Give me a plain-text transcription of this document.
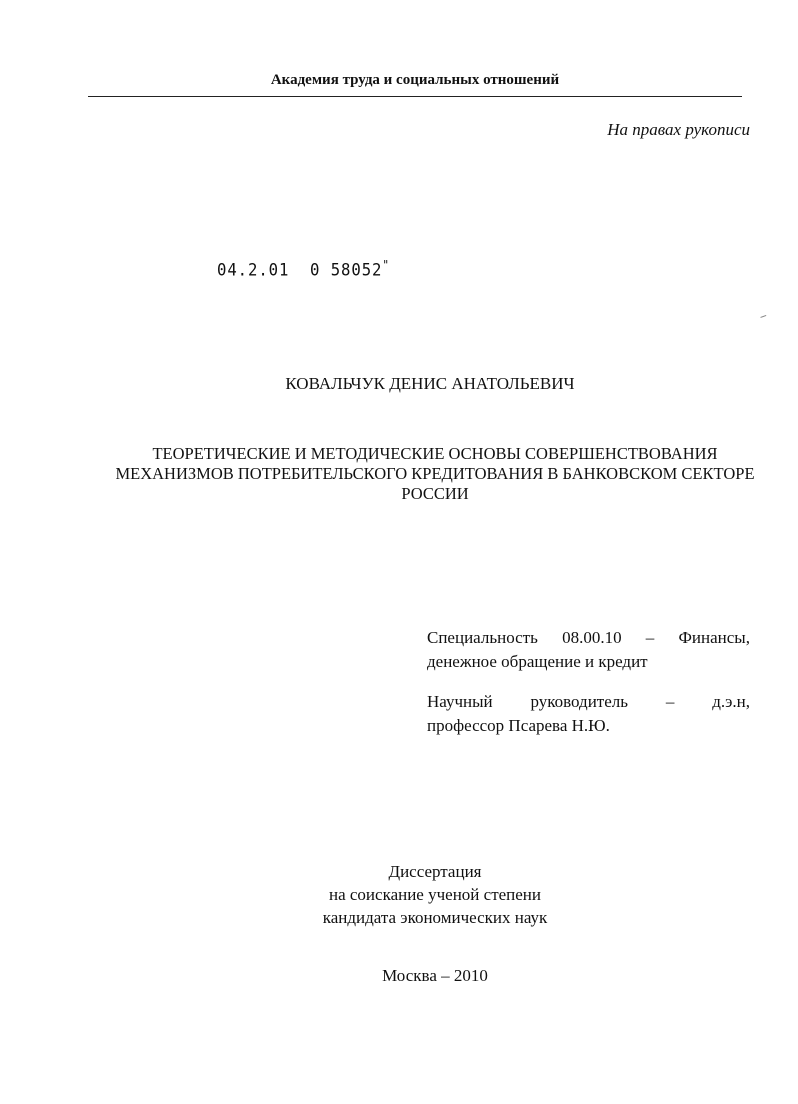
Академия труда и социальных отношений
На правах рукописи
04.2.01  0 58052"
КОВАЛЬЧУК ДЕНИС АНАТОЛЬЕВИЧ
ТЕОРЕТИЧЕСКИЕ И МЕТОДИЧЕСКИЕ ОСНОВЫ СОВЕРШЕНСТВОВАНИЯ
МЕХАНИЗМОВ ПОТРЕБИТЕЛЬСКОГО КРЕДИТОВАНИЯ В БАНКОВСКОМ СЕКТОРЕ
РОССИИ
Специальность 08.00.10 – Финансы,
денежное обращение и кредит
Научный руководитель – д.э.н,
профессор Псарева Н.Ю.
Диссертация
на соискание ученой степени
кандидата экономических наук
Москва – 2010
